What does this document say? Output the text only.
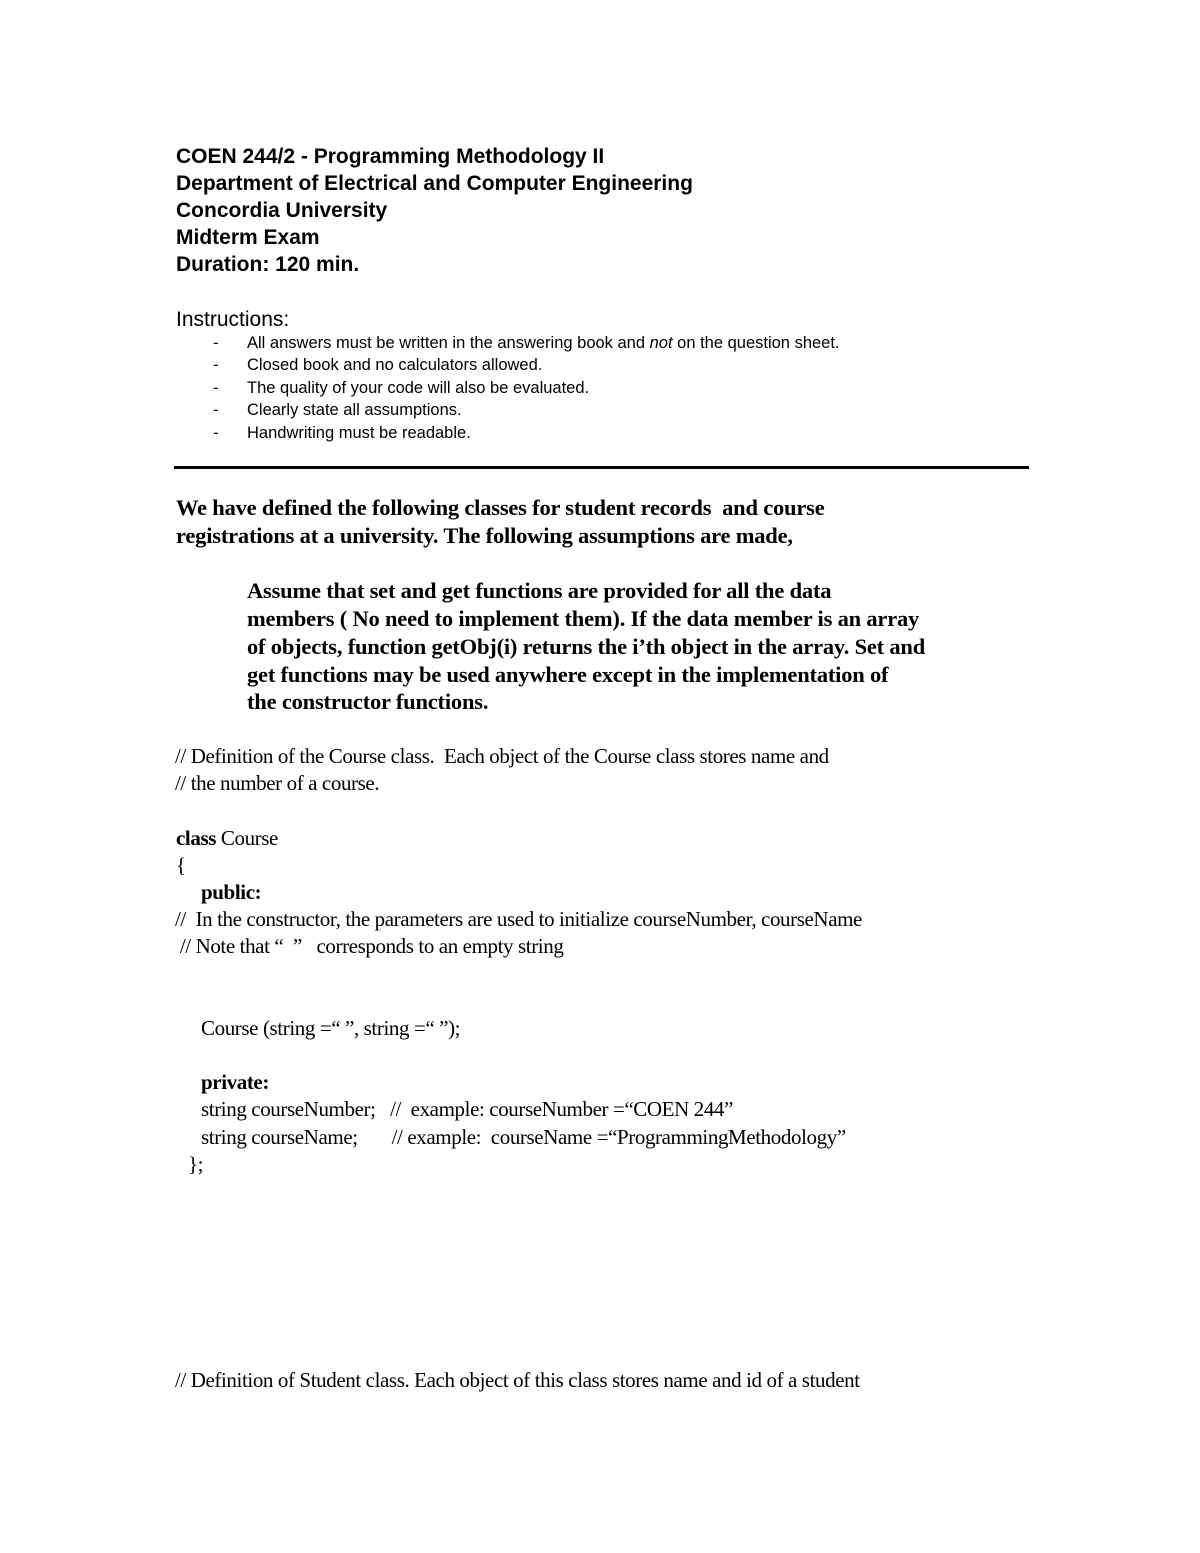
COEN 244/2 - Programming Methodology II
Department of Electrical and Computer Engineering
Concordia University
Midterm Exam
Duration: 120 min.
Instructions:
- All answers must be written in the answering book and not on the question sheet.
- Closed book and no calculators allowed.
- The quality of your code will also be evaluated.
- Clearly state all assumptions.
- Handwriting must be readable.
We have defined the following classes for student records  and course
registrations at a university. The following assumptions are made,
Assume that set and get functions are provided for all the data
members ( No need to implement them). If the data member is an array
of objects, function getObj(i) returns the i’th object in the array. Set and
get functions may be used anywhere except in the implementation of
the constructor functions.
// Definition of the Course class.  Each object of the Course class stores name and
// the number of a course.
class Course
{
public:
//  In the constructor, the parameters are used to initialize courseNumber, courseName
// Note that “  ”   corresponds to an empty string
Course (string =“ ”, string =“ ”);
private:
string courseNumber;   //  example: courseNumber =“COEN 244”
string courseName;       // example:  courseName =“ProgrammingMethodology”
};
// Definition of Student class. Each object of this class stores name and id of a student
